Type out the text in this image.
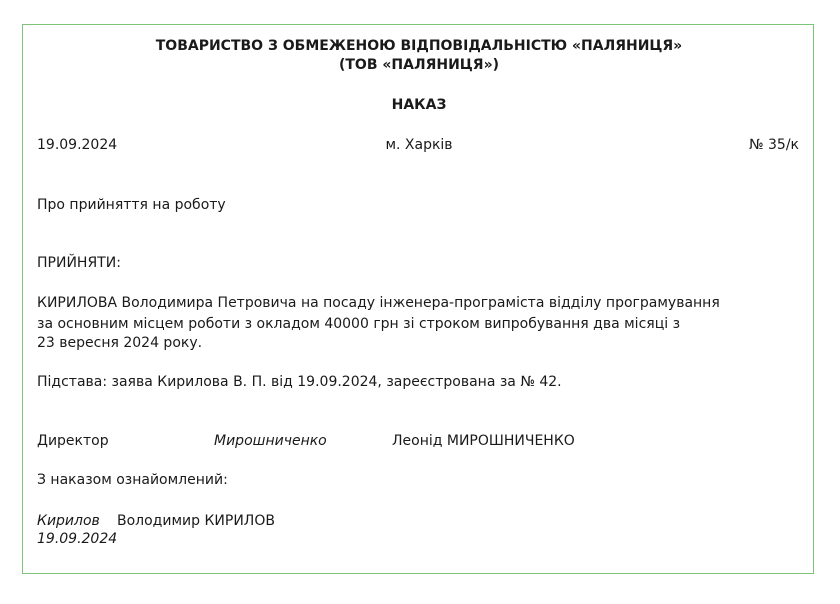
ТОВАРИСТВО З ОБМЕЖЕНОЮ ВІДПОВІДАЛЬНІСТЮ «ПАЛЯНИЦЯ»
(ТОВ «ПАЛЯНИЦЯ»)
НАКАЗ
19.09.2024	м. Харків	№ 35/к
Про прийняття на роботу
ПРИЙНЯТИ:
КИРИЛОВА Володимира Петровича на посаду інженера-програміста відділу програмування
за основним місцем роботи з окладом 40000 грн зі строком випробування два місяці з
23 вересня 2024 року.
Підстава: заява Кирилова В. П. від 19.09.2024, зареєстрована за № 42.
Директор	Мирошниченко	Леонід МИРОШНИЧЕНКО
З наказом ознайомлений:
Кирилов Володимир КИРИЛОВ
19.09.2024
